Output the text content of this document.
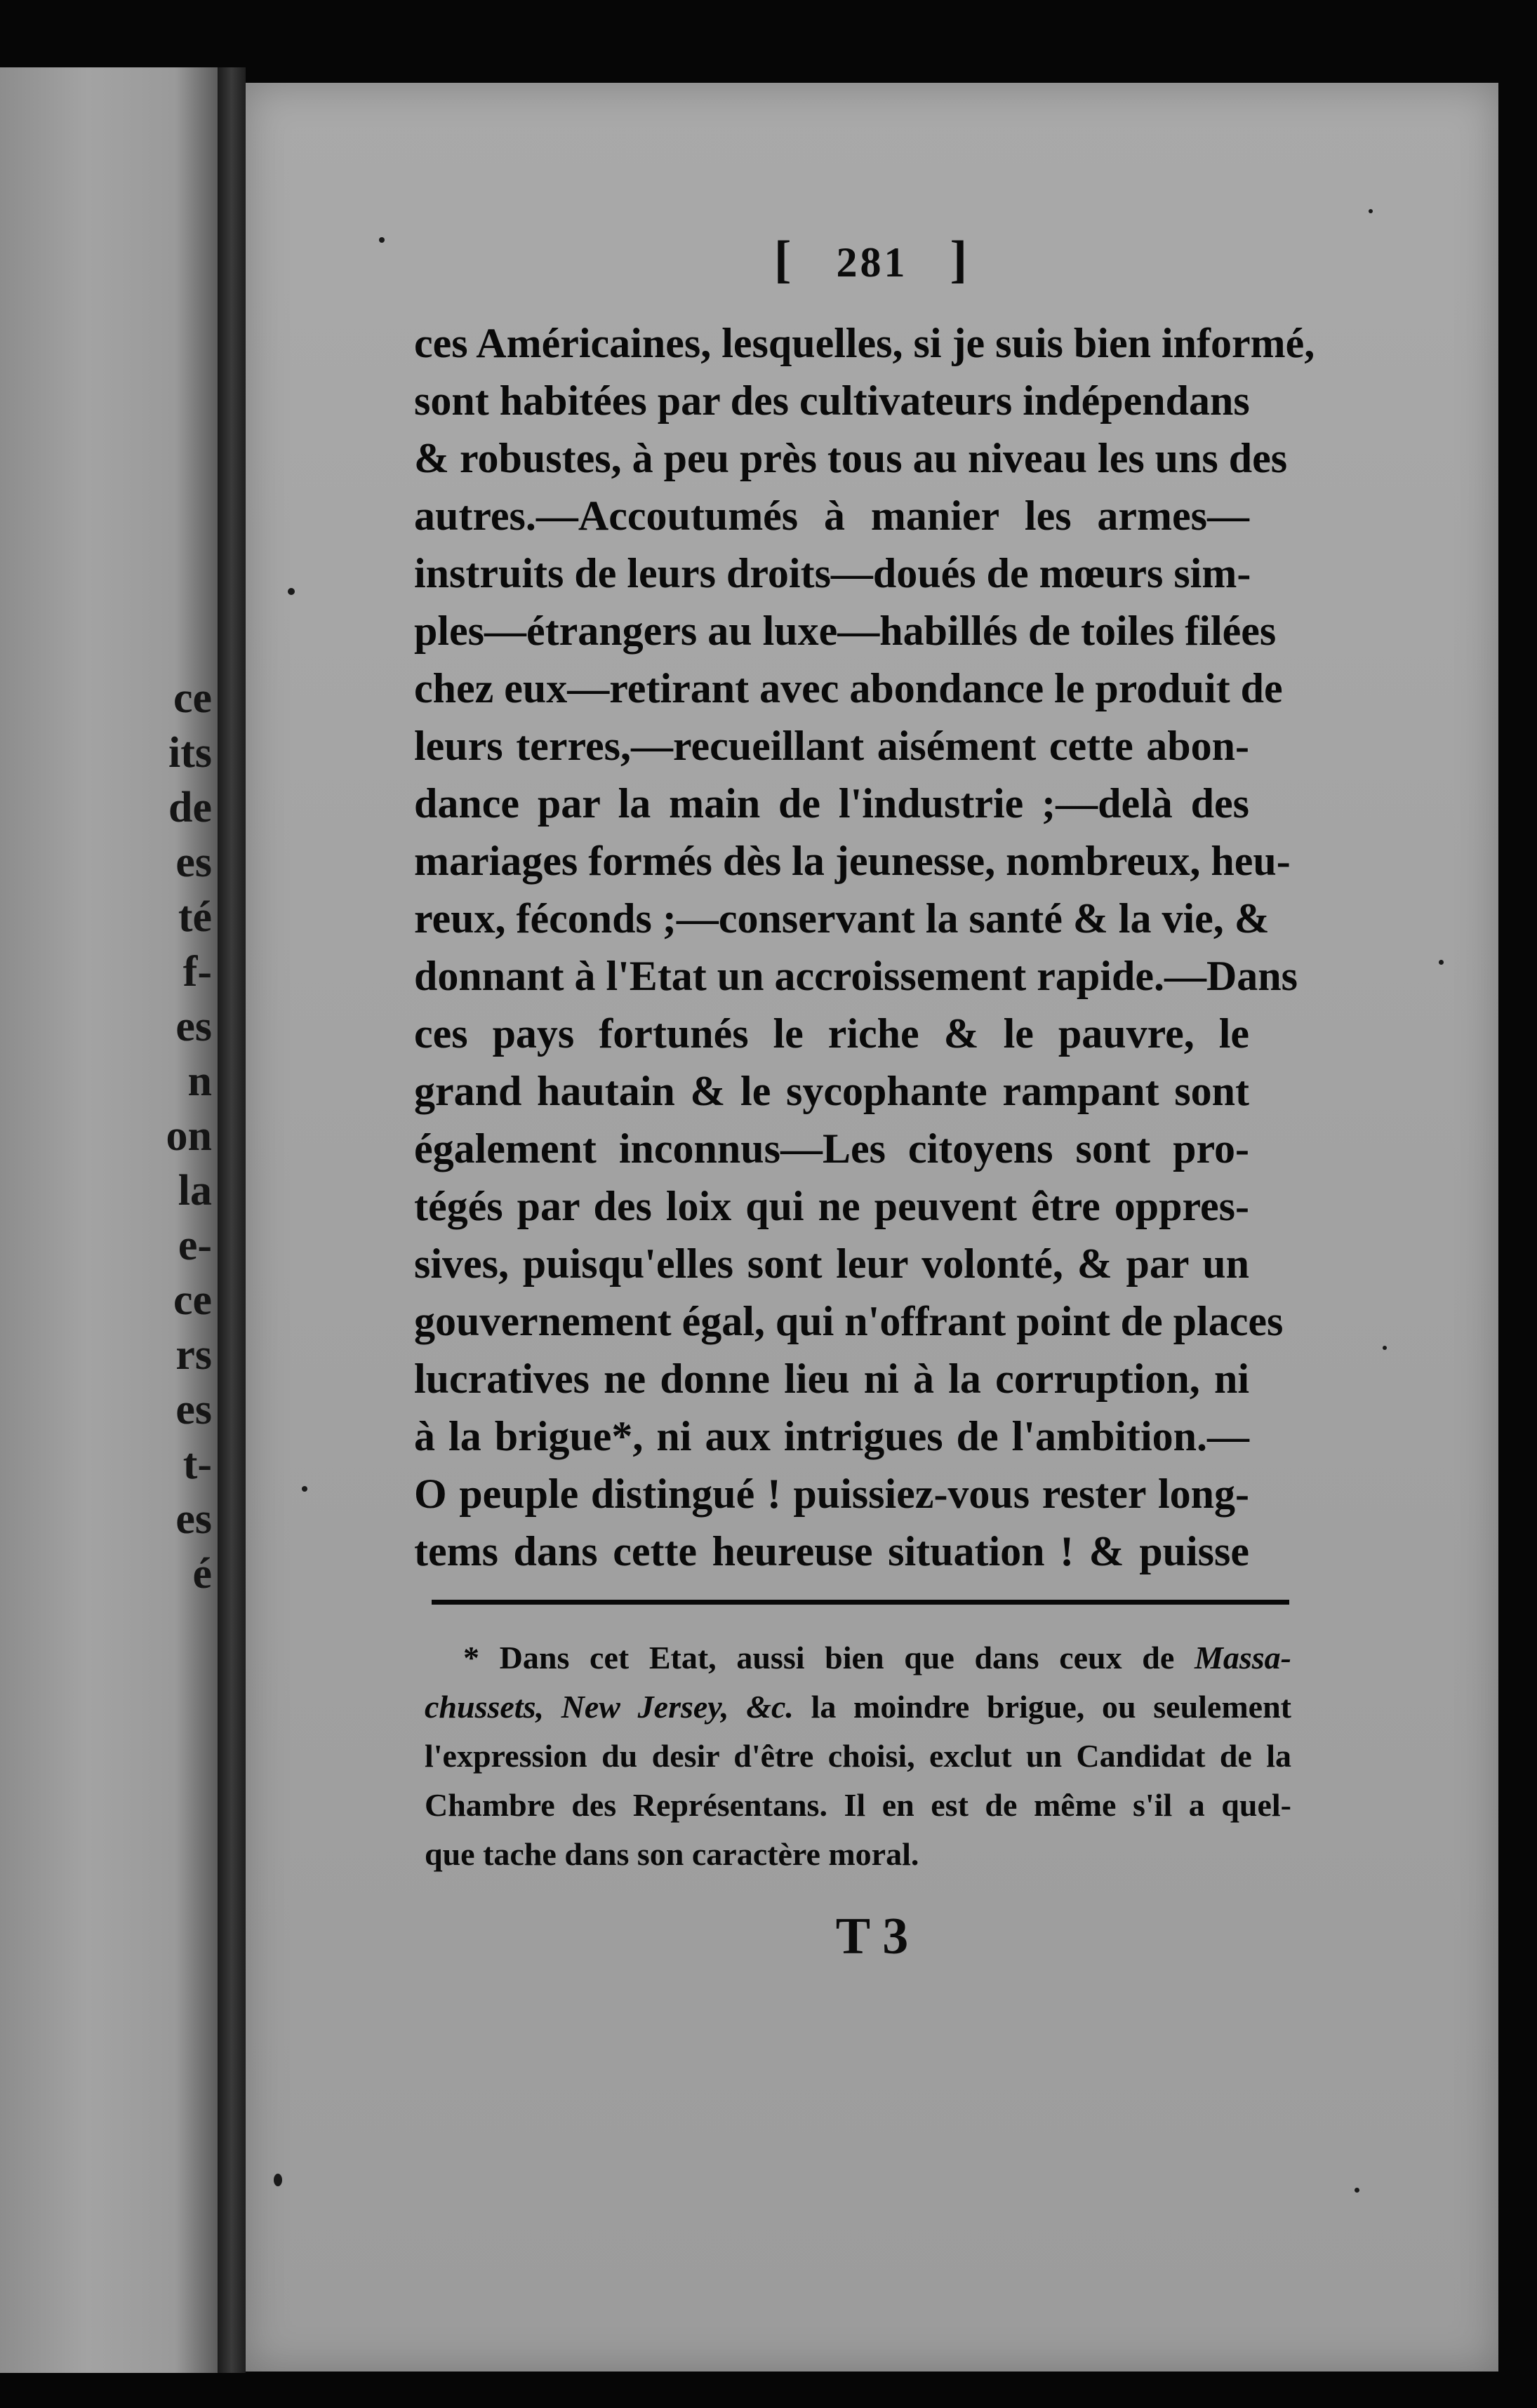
ce
its
de
es
té
f-
es
n
on
la
e-
ce
rs
es
t-
es
é
[ 281 ]
ces Américaines, lesquelles, si je suis bien informé,
sont habitées par des cultivateurs indépendans
& robustes, à peu près tous au niveau les uns des
autres.—Accoutumés à manier les armes—
instruits de leurs droits—doués de mœurs sim-
ples—étrangers au luxe—habillés de toiles filées
chez eux—retirant avec abondance le produit de
leurs terres,—recueillant aisément cette abon-
dance par la main de l'industrie ;—delà des
mariages formés dès la jeunesse, nombreux, heu-
reux, féconds ;—conservant la santé & la vie, &
donnant à l'Etat un accroissement rapide.—Dans
ces pays fortunés le riche & le pauvre, le
grand hautain & le sycophante rampant sont
également inconnus—Les citoyens sont pro-
tégés par des loix qui ne peuvent être oppres-
sives, puisqu'elles sont leur volonté, & par un
gouvernement égal, qui n'offrant point de places
lucratives ne donne lieu ni à la corruption, ni
à la brigue*, ni aux intrigues de l'ambition.—
O peuple distingué ! puissiez-vous rester long-
tems dans cette heureuse situation ! & puisse
* Dans cet Etat, aussi bien que dans ceux de Massa-
chussets, New Jersey, &c. la moindre brigue, ou seulement
l'expression du desir d'être choisi, exclut un Candidat de la
Chambre des Représentans. Il en est de même s'il a quel-
que tache dans son caractère moral.
T 3
